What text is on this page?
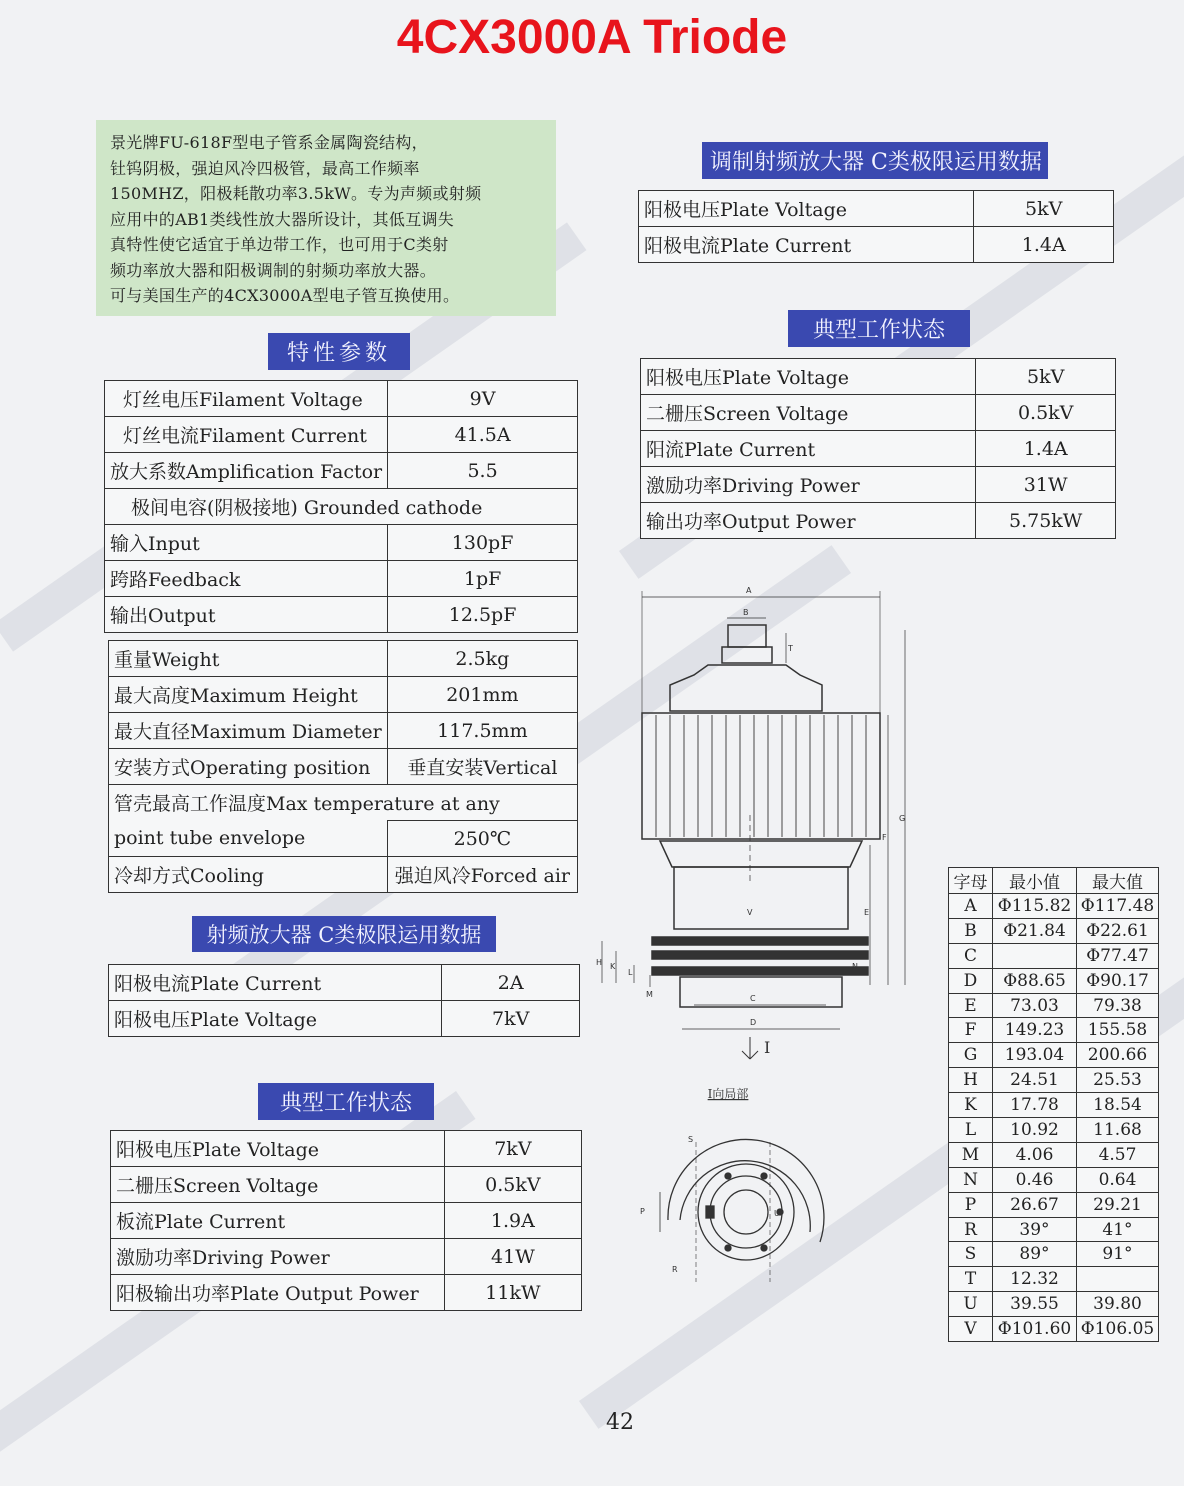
4CX3000A Triode
景光牌FU-618F型电子管系金属陶瓷结构，
钍钨阴极，强迫风冷四极管，最高工作频率
150MHZ，阳极耗散功率3.5kW。专为声频或射频
应用中的AB1类线性放大器所设计，其低互调失
真特性使它适宜于单边带工作，也可用于C类射
频功率放大器和阳极调制的射频功率放大器。
可与美国生产的4CX3000A型电子管互换使用。
特性参数
灯丝电压Filament Voltage	9V
灯丝电流Filament Current	41.5A
放大系数Amplification Factor	5.5
极间电容(阴极接地) Grounded cathode	
输入Input	130pF
跨路Feedback	1pF
输出Output	12.5pF
重量Weight	2.5kg
最大高度Maximum Height	201mm
最大直径Maximum Diameter	117.5mm
安装方式Operating position	垂直安装Vertical
管壳最高工作温度Max temperature at any	
point tube envelope	250℃
冷却方式Cooling	强迫风冷Forced air
射频放大器 C类极限运用数据
阳极电流Plate Current	2A
阳极电压Plate Voltage	7kV
典型工作状态
阳极电压Plate Voltage	7kV
二栅压Screen Voltage	0.5kV
板流Plate Current	1.9A
激励功率Driving Power	41W
阳极输出功率Plate Output Power	11kW
调制射频放大器 C类极限运用数据
阳极电压Plate Voltage	5kV
阳极电流Plate Current	1.4A
典型工作状态
阳极电压Plate Voltage	5kV
二栅压Screen Voltage	0.5kV
阳流Plate Current	1.4A
激励功率Driving Power	31W
输出功率Output Power	5.75kW
A
B
C
D
E
F
G
H K
L
M
N
T
V
I
I向局部
P
R
S
U
字母	最小值	最大值
A	Φ115.82	Φ117.48
B	Φ21.84	Φ22.61
C		Φ77.47
D	Φ88.65	Φ90.17
E	73.03	79.38
F	149.23	155.58
G	193.04	200.66
H	24.51	25.53
K	17.78	18.54
L	10.92	11.68
M	4.06	4.57
N	0.46	0.64
P	26.67	29.21
R	39°	41°
S	89°	91°
T	12.32	
U	39.55	39.80
V	Φ101.60	Φ106.05
42
